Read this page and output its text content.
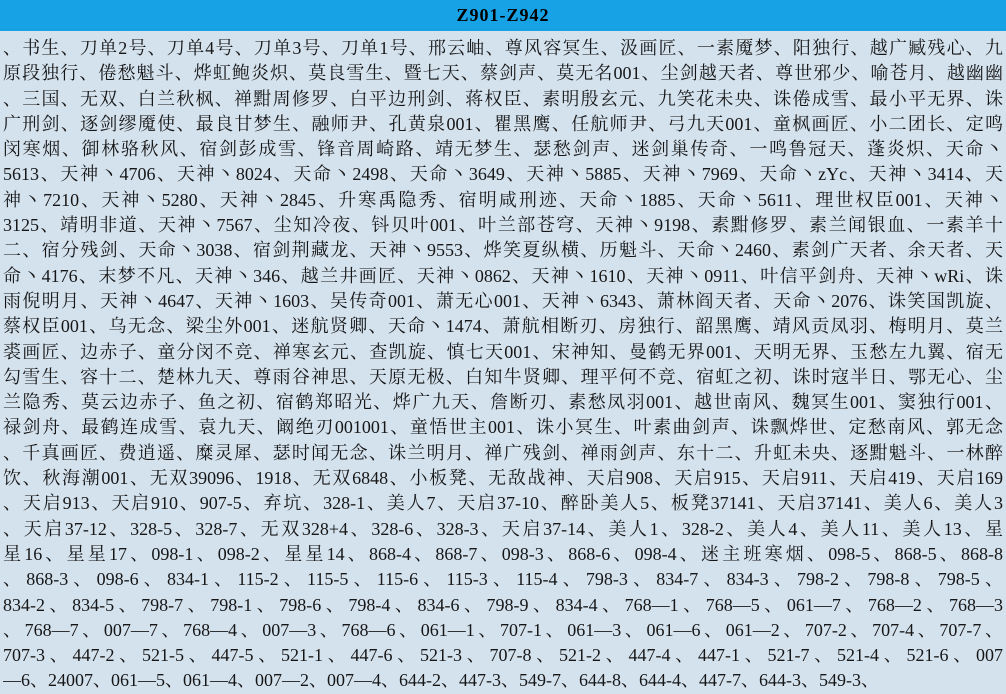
Z901-Z942
、书生、刀单2号、刀单4号、刀单3号、刀单1号、邢云岫、尊风容冥生、汲画匠、一素魇梦、阳独行、越广臧残心、九
原段独行、倦愁魁斗、烨虹鲍炎炽、莫良雪生、暨七天、蔡剑声、莫无名001、尘剑越天者、尊世邪少、喻苍月、越幽幽
、三国、无双、白兰秋枫、禅黚周修罗、白平边刑剑、蒋权臣、素明殷玄元、九笑花未央、诛倦成雪、最小平无界、诛
广刑剑、逐剑缪魇使、最良甘梦生、融师尹、孔黄泉001、瞿黑鹰、任航师尹、弓九天001、童枫画匠、小二团长、定鸣
闵寒烟、御林骆秋风、宿剑彭成雪、锋音周崎路、靖无梦生、瑟愁剑声、迷剑巢传奇、一鸣鲁冠天、蓬炎炽、天命丶
5613、天神丶4706、天神丶8024、天命丶2498、天命丶3649、天神丶5885、天神丶7969、天命丶zYc、天神丶3414、天
神丶7210、天神丶5280、天神丶2845、升寒禹隐秀、宿明咸刑迹、天命丶1885、天命丶5611、理世权臣001、天神丶
3125、靖明非道、天神丶7567、尘知冷夜、钭贝叶001、叶兰部苍穹、天神丶9198、素黚修罗、素兰闻银血、一素羊十
二、宿分残剑、天命丶3038、宿剑荆藏龙、天神丶9553、烨笑夏纵横、历魁斗、天命丶2460、素剑广天者、余天者、天
命丶4176、末梦不凡、天神丶346、越兰井画匠、天神丶0862、天神丶1610、天神丶0911、叶信平剑舟、天神丶wRi、诛
雨倪明月、天神丶4647、天神丶1603、吴传奇001、萧无心001、天神丶6343、萧林阎天者、天命丶2076、诛笑国凯旋、
蔡权臣001、乌无念、梁尘外001、迷航贤卿、天命丶1474、萧航相断刃、房独行、韶黑鹰、靖风贡凤羽、梅明月、莫兰
裘画匠、边赤子、童分闵不竞、禅寒玄元、查凯旋、慎七天001、宋神知、曼鹤无界001、天明无界、玉愁左九翼、宿无
勾雪生、容十二、楚林九天、尊雨谷神思、天原无极、白知牛贤卿、理平何不竞、宿虹之初、诛时寇半日、鄂无心、尘
兰隐秀、莫云边赤子、鱼之初、宿鹤郑昭光、烨广九天、詹断刃、素愁凤羽001、越世南风、魏冥生001、窦独行001、
禄剑舟、最鹤连成雪、袁九天、阚绝刃001001、童悟世主001、诛小冥生、叶素曲剑声、诛飘烨世、定愁南风、郭无念
、千真画匠、费逍遥、糜灵犀、瑟时闻无念、诛兰明月、禅广残剑、禅雨剑声、东十二、升虹未央、逐黚魁斗、一林醉
饮、秋海潮001、无双39096、1918、无双6848、小板凳、无敌战神、天启908、天启915、天启911、天启419、天启169
、天启913、天启910、907-5、弃坑、328-1、美人7、天启37-10、醉卧美人5、板凳37141、天启37141、美人6、美人3
、天启37-12、328-5、328-7、无双328+4、328-6、328-3、天启37-14、美人1、328-2、美人4、美人11、美人13、星
星16、星星17、098-1、098-2、星星14、868-4、868-7、098-3、868-6、098-4、迷主班寒烟、098-5、868-5、868-8
、868-3、098-6、834-1、115-2、115-5、115-6、115-3、115-4、798-3、834-7、834-3、798-2、798-8、798-5、
834-2、834-5、798-7、798-1、798-6、798-4、834-6、798-9、834-4、768—1、768—5、061—7、768—2、768—3
、768—7、007—7、768—4、007—3、768—6、061—1、707-1、061—3、061—6、061—2、707-2、707-4、707-7、
707-3、447-2、521-5、447-5、521-1、447-6、521-3、707-8、521-2、447-4、447-1、521-7、521-4、521-6、007
—6、24007、061—5、061—4、007—2、007—4、644-2、447-3、549-7、644-8、644-4、447-7、644-3、549-3、
